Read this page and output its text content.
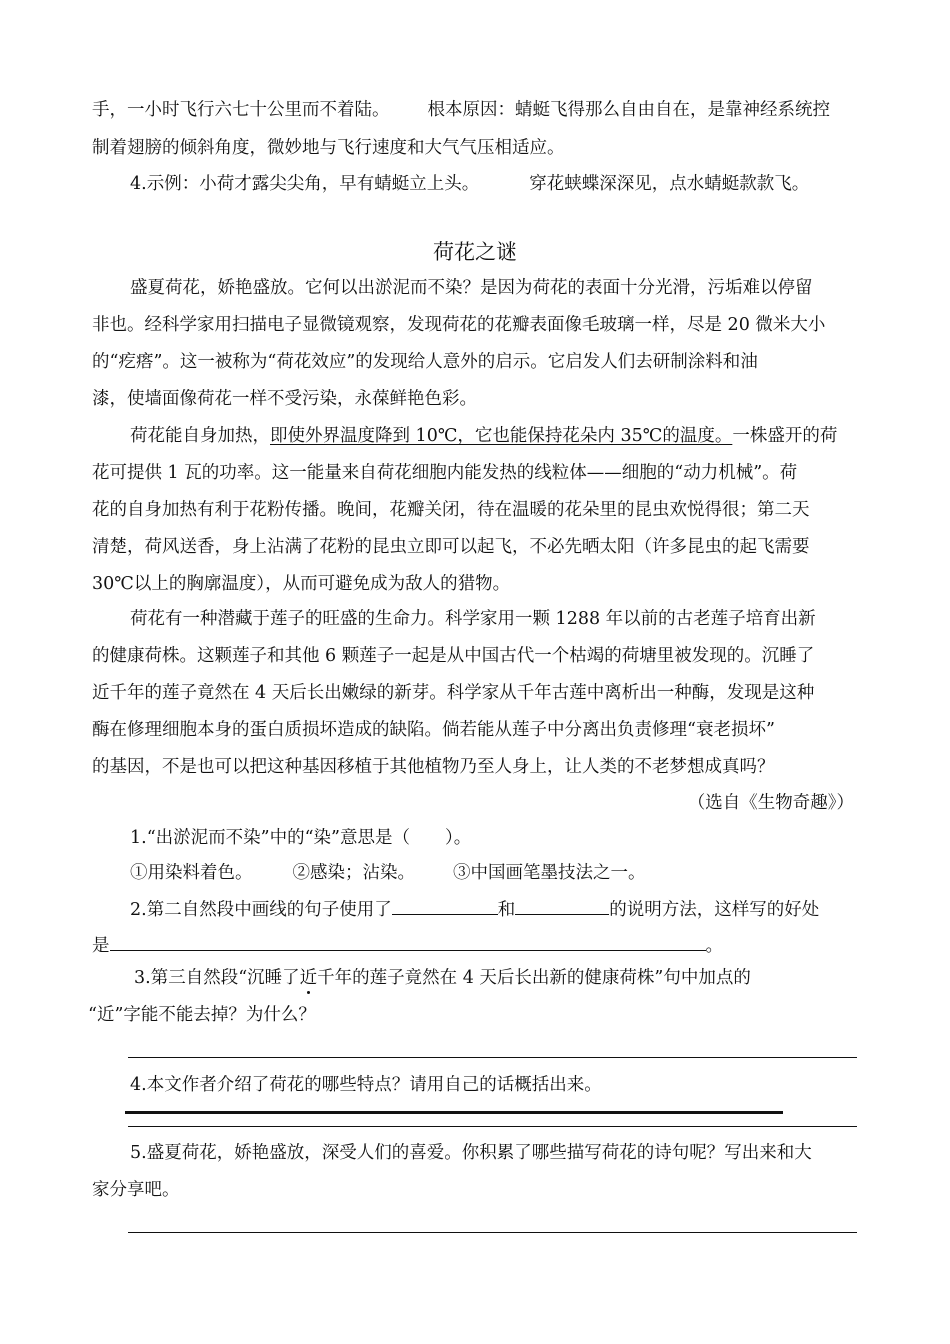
手，一小时飞行六七十公里而不着陆。 根本原因：蜻蜓飞得那么自由自在，是靠神经系统控
制着翅膀的倾斜角度，微妙地与飞行速度和大气气压相适应。
4.示例：小荷才露尖尖角，早有蜻蜓立上头。	穿花蛱蝶深深见，点水蜻蜓款款飞。
荷花之谜
盛夏荷花，娇艳盛放。它何以出淤泥而不染？是因为荷花的表面十分光滑，污垢难以停留
非也。经科学家用扫描电子显微镜观察，发现荷花的花瓣表面像毛玻璃一样，尽是 20 微米大小
的“疙瘩”。这一被称为“荷花效应”的发现给人意外的启示。它启发人们去研制涂料和油
漆，使墙面像荷花一样不受污染，永葆鲜艳色彩。
荷花能自身加热，即使外界温度降到 10℃，它也能保持花朵内 35℃的温度。一株盛开的荷
花可提供 1 瓦的功率。这一能量来自荷花细胞内能发热的线粒体——细胞的“动力机械”。荷
花的自身加热有利于花粉传播。晚间，花瓣关闭，待在温暖的花朵里的昆虫欢悦得很；第二天
清楚，荷风送香，身上沾满了花粉的昆虫立即可以起飞，不必先晒太阳（许多昆虫的起飞需要
30℃以上的胸廓温度），从而可避免成为敌人的猎物。
荷花有一种潜藏于莲子的旺盛的生命力。科学家用一颗 1288 年以前的古老莲子培育出新
的健康荷株。这颗莲子和其他 6 颗莲子一起是从中国古代一个枯竭的荷塘里被发现的。沉睡了
近千年的莲子竟然在 4 天后长出嫩绿的新芽。科学家从千年古莲中离析出一种酶，发现是这种
酶在修理细胞本身的蛋白质损坏造成的缺陷。倘若能从莲子中分离出负责修理“衰老损坏”
的基因，不是也可以把这种基因移植于其他植物乃至人身上，让人类的不老梦想成真吗？
（选自《生物奇趣》）
1.“出淤泥而不染”中的“染”意思是（　　）。
①用染料着色。 ②感染；沾染。 ③中国画笔墨技法之一。
2.第二自然段中画线的句子使用了	和	的说明方法，这样写的好处
是	。
3.第三自然段“沉睡了近千年的莲子竟然在 4 天后长出新的健康荷株”句中加点的
“近”字能不能去掉？为什么？
4.本文作者介绍了荷花的哪些特点？请用自己的话概括出来。
5.盛夏荷花，娇艳盛放，深受人们的喜爱。你积累了哪些描写荷花的诗句呢？写出来和大
家分享吧。
